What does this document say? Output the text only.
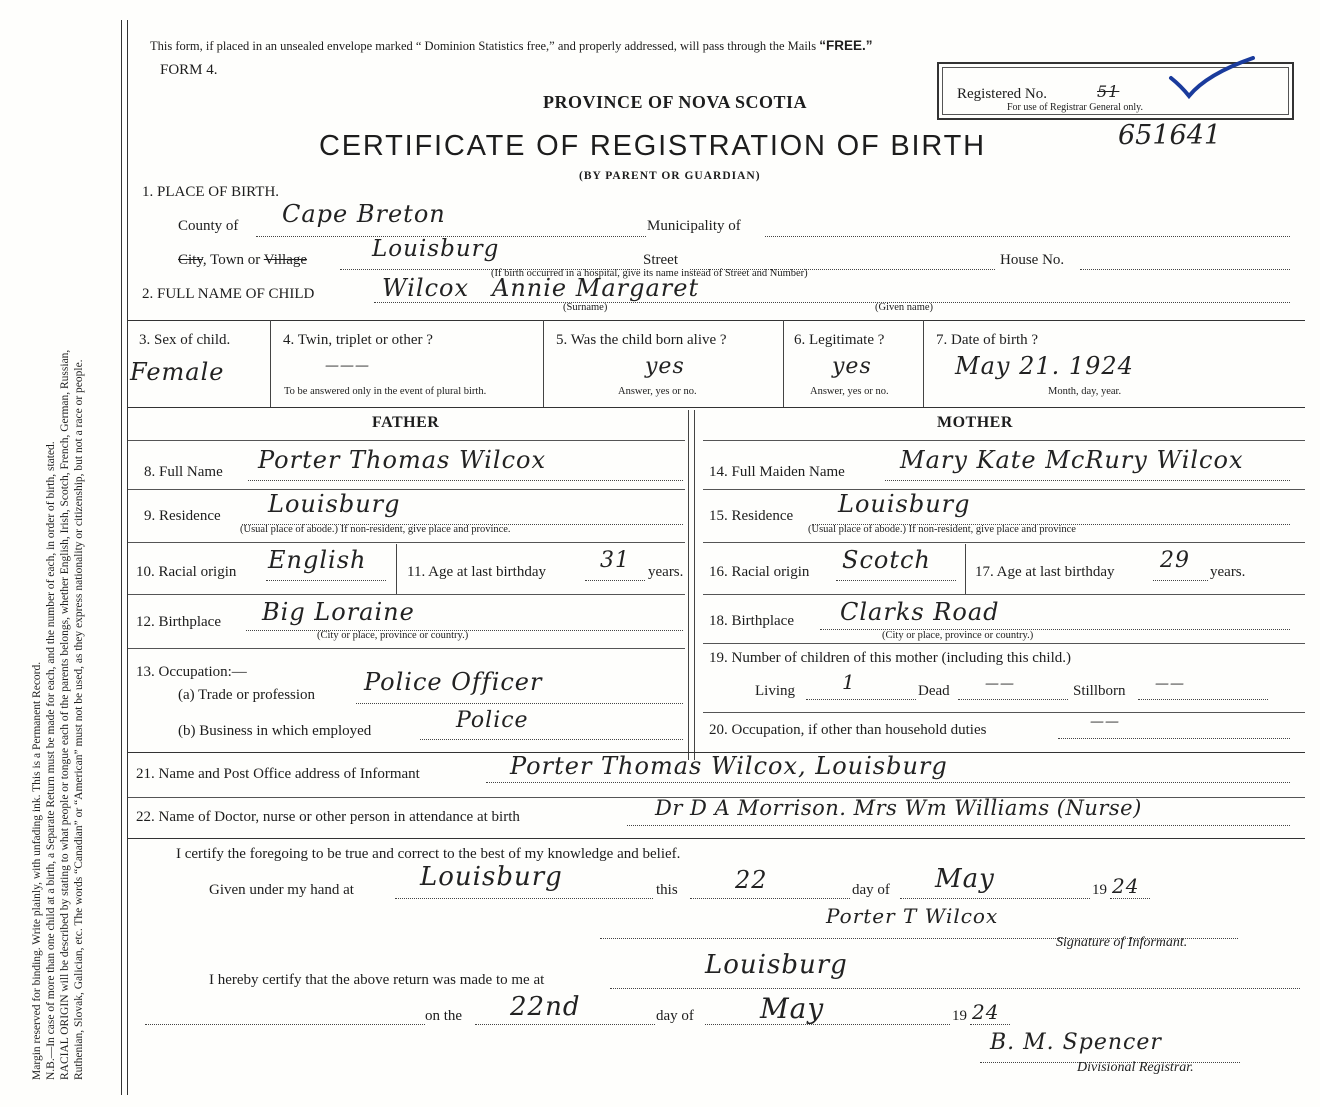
Margin reserved for binding. Write plainly, with unfading ink. This is a Permanent Record. N.B.—In case of more than one child at a birth, a Separate Return must be made for each, and the number of each, in order of birth, stated. RACIAL ORIGIN will be described by stating to what people or tongue each of the parents belongs, whether English, Irish, Scotch, French, German, Russian, Ruthenian, Slovak, Galician, etc. The words “Canadian” or “American” must not be used, as they express nationality or citizenship, but not a race or people.
This form, if placed in an unsealed envelope marked “ Dominion Statistics free,” and properly addressed, will pass through the Mails “FREE.”
FORM 4.
Registered No.	51
For use of Registrar General only.
PROVINCE OF NOVA SCOTIA
CERTIFICATE OF REGISTRATION OF BIRTH	651641
(BY PARENT OR GUARDIAN)
1. PLACE OF BIRTH.
County of Cape Breton	Municipality of
City, Town or Village	Louisburg	Street	House No.
(If birth occurred in a hospital, give its name instead of Street and Number)
2. FULL NAME OF CHILD	Wilcox Annie Margaret
(Surname)	(Given name)
3. Sex of child.
Female
4. Twin, triplet or other ?
———
To be answered only in the event of plural birth.
5. Was the child born alive ?
yes
Answer, yes or no.
6. Legitimate ?
yes
Answer, yes or no.
7. Date of birth ?
May 21. 1924
Month, day, year.
FATHER	MOTHER
8. Full Name Porter Thomas Wilcox
9. Residence Louisburg
(Usual place of abode.) If non-resident, give place and province.
10. Racial origin English	11. Age at last birthday 31 years.
12. Birthplace Big Loraine
(City or place, province or country.)
13. Occupation:—
(a) Trade or profession Police Officer
(b) Business in which employed	Police
14. Full Maiden Name Mary Kate McRury Wilcox
15. Residence Louisburg
(Usual place of abode.) If non-resident, give place and province
16. Racial origin Scotch	17. Age at last birthday 29 years.
18. Birthplace Clarks Road
(City or place, province or country.)
19. Number of children of this mother (including this child.)
Living 1	Dead	——	Stillborn ——
20. Occupation, if other than household duties	——
21. Name and Post Office address of Informant	Porter Thomas Wilcox, Louisburg
22. Name of Doctor, nurse or other person in attendance at birth	Dr D A Morrison. Mrs Wm Williams (Nurse)
I certify the foregoing to be true and correct to the best of my knowledge and belief.
Given under my hand at	Louisburg	this 22	day of May	19 24
Porter T Wilcox
Signature of Informant.
I hereby certify that the above return was made to me at	Louisburg
on the 22nd	day of May	19 24
B. M. Spencer
Divisional Registrar.
